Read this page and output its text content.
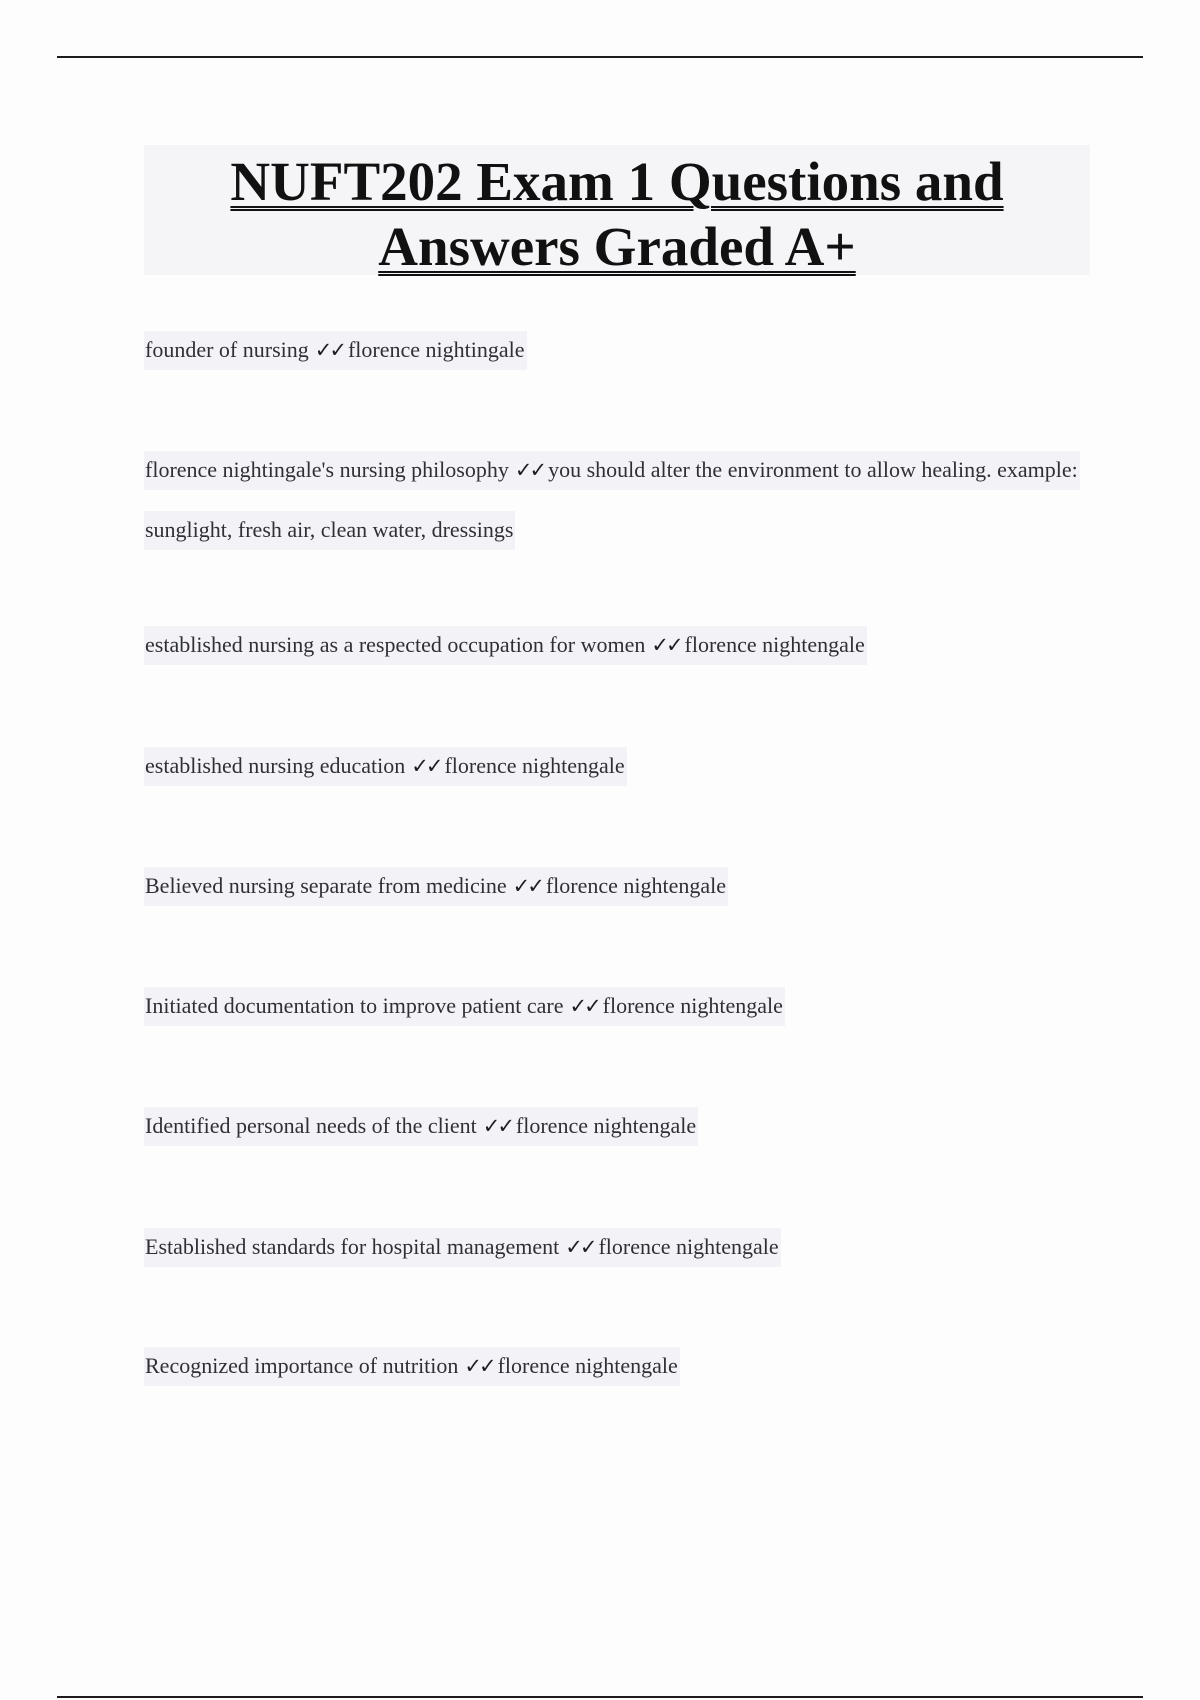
NUFT202 Exam 1 Questions and Answers Graded A+

founder of nursing ✓✓ florence nightingale

florence nightingale's nursing philosophy ✓✓ you should alter the environment to allow healing. example: sunglight, fresh air, clean water, dressings

established nursing as a respected occupation for women ✓✓ florence nightengale

established nursing education ✓✓ florence nightengale

Believed nursing separate from medicine ✓✓ florence nightengale

Initiated documentation to improve patient care ✓✓ florence nightengale

Identified personal needs of the client ✓✓ florence nightengale

Established standards for hospital management ✓✓ florence nightengale

Recognized importance of nutrition ✓✓ florence nightengale
